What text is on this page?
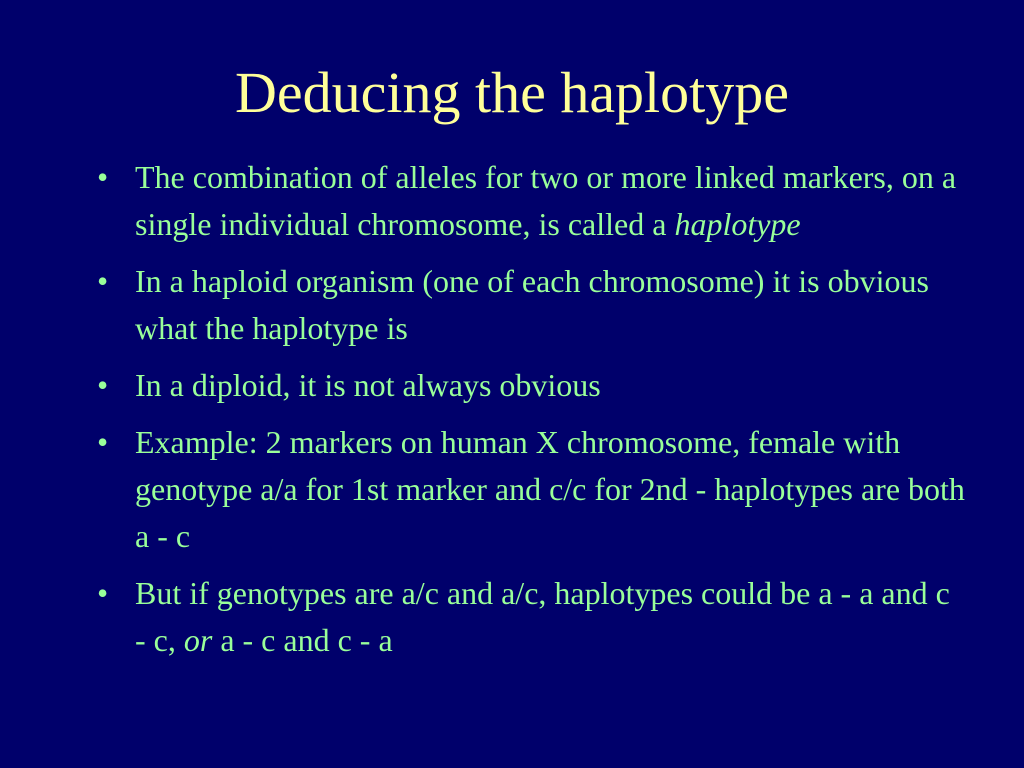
Deducing the haplotype
• The combination of alleles for two or more linked markers, on a single individual chromosome, is called a haplotype
• In a haploid organism (one of each chromosome) it is obvious what the haplotype is
• In a diploid, it is not always obvious
• Example: 2 markers on human X chromosome, female with genotype a/a for 1st marker and c/c for 2nd - haplotypes are both a - c
• But if genotypes are a/c and a/c, haplotypes could be a - a and c - c, or a - c and c - a
